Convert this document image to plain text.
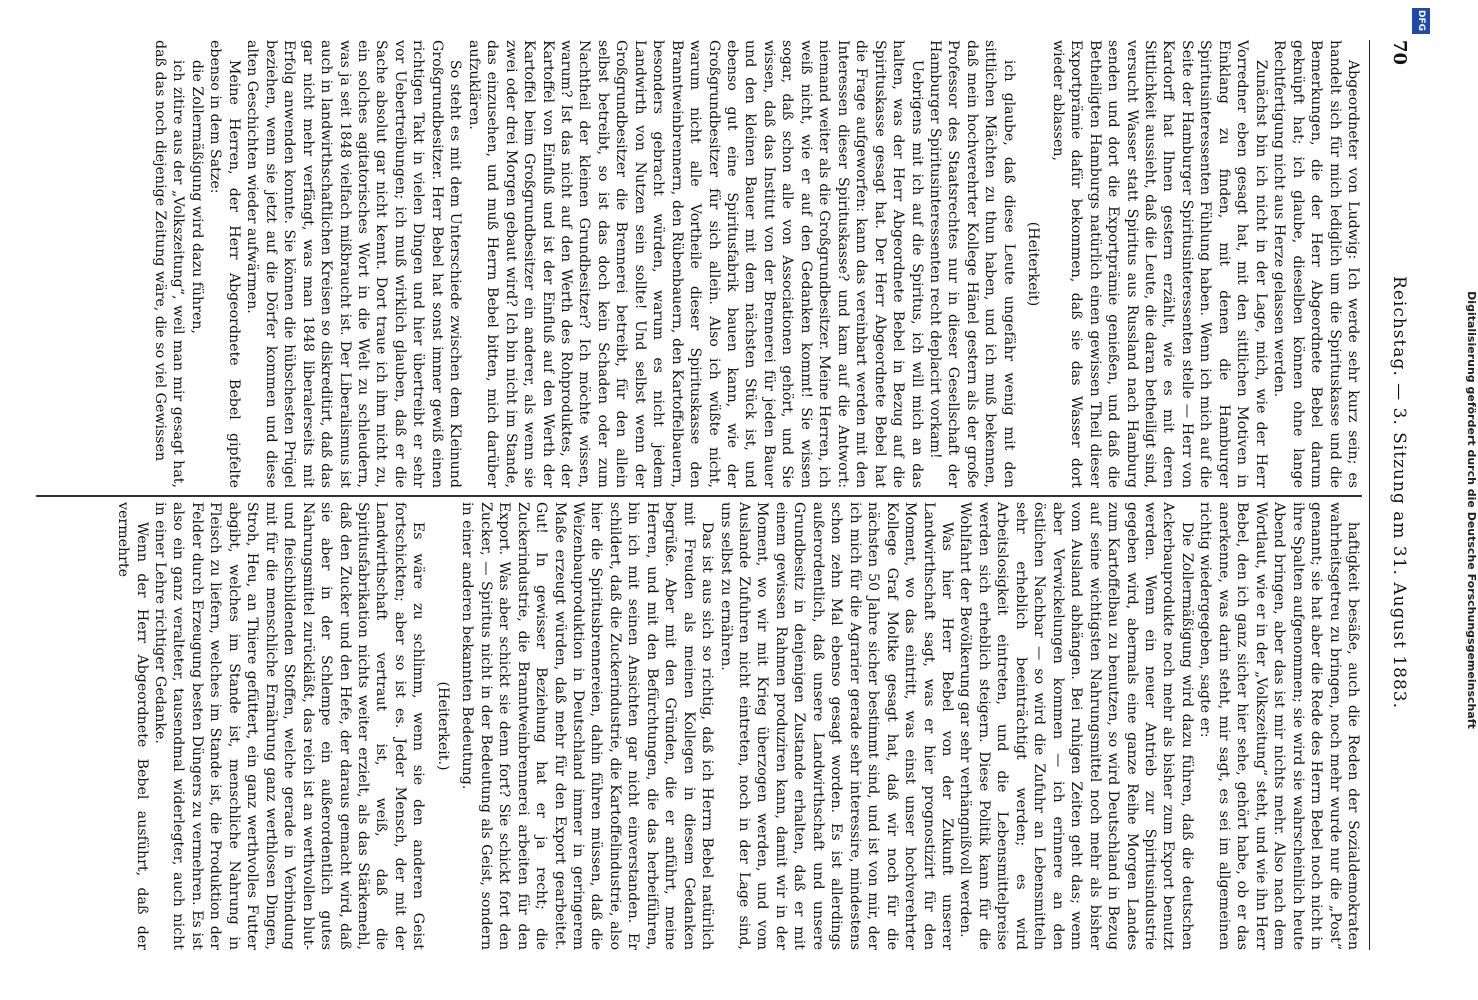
70
Reichstag. — 3. Sitzung am 31. August 1883.

Abgeordneter von Ludwig: Ich werde sehr kurz sein; es handelt sich für mich lediglich um die Spirituskasse und die Bemerkungen, die der Herr Abgeordnete Bebel darum geknüpft hat; ich glaube, dieselben können ohne lange Rechtfertigung nicht aus Herze gelassen werden.

Zunächst bin ich nicht in der Lage, mich, wie der Herr Vorredner eben gesagt hat, mit den sittlichen Motiven in Einklang zu finden, mit denen die Hamburger Spiritusinteressenten Fühlung haben. Wenn ich mich auf die Seite der Hamburger Spiritusinteressenten stelle — Herr von Kardorff hat Ihnen gestern erzählt, wie es mit deren Sittlichkeit aussieht, daß die Leute, die daran betheiligt sind, versucht Wasser statt Spiritus aus Russland nach Hamburg senden und dort die Exportprämie genießen, und daß die Betheiligten Hamburgs natürlich einen gewissen Theil dieser Exportprämie dafür bekommen, daß sie das Wasser dort wieder ablassen,

(Heiterkeit)

ich glaube, daß diese Leute ungefähr wenig mit den sittlichen Mächten zu thun haben, und ich muß bekennen, daß mein hochverehrter Kollege Hänel gestern als der große Professor des Staatsrechtes nur in dieser Gesellschaft der Hamburger Spiritusinteressenten recht deplacirt vorkam!

Uebrigens mit ich auf die Spiritus, ich will mich an das halten, was der Herr Abgeordnete Bebel in Bezug auf die Spirituskasse gesagt hat. Der Herr Abgeordnete Bebel hat die Frage aufgeworfen: kann das vereinbart werden mit den Interessen dieser Spirituskasse? und kam auf die Antwort: niemand weiter als die Großgrundbesitzer. Meine Herren, ich weiß nicht, wie er auf den Gedanken kommt! Sie wissen sogar, daß schon alle von Associationen gehört, und Sie wissen, daß das Institut von der Brennerei für jeden Bauer und den kleinen Bauer mit dem nächsten Stück ist, und ebenso gut eine Spiritusfabrik bauen kann, wie der Großgrundbesitzer für sich allein. Also ich wüßte nicht, warum nicht alle Vortheile dieser Spirituskasse den Branntweinbrennern, den Rübenbauern, den Kartoffelbauern, besonders gebracht würden, warum es nicht jedem Landwirth von Nutzen sein sollte! Und selbst wenn der Großgrundbesitzer die Brennerei betreibt, für den allein selbst betreibt, so ist das doch kein Schaden oder zum Nachtheil der kleinen Grundbesitzer? Ich möchte wissen, warum? Ist das nicht auf den Werth des Rohproduktes, der Kartoffel von Einfluß und ist der Einfluß auf den Werth der Kartoffel beim Großgrundbesitzer ein anderer, als wenn sie zwei oder drei Morgen gebaut wird? Ich bin nicht im Stande, das einzusehen, und muß Herrn Bebel bitten, mich darüber aufzuklären.

So steht es mit dem Unterschiede zwischen dem Kleinund Großgrundbesitzer. Herr Bebel hat sonst immer gewiß einen richtigen Takt in vielen Dingen und hier übertreibt er sehr vor Uebertreibungen; ich muß wirklich glauben, daß er die Sache absolut gar nicht kennt. Dort traue ich ihm nicht zu, ein solches agitatorisches Wort in die Welt zu schleudern, was ja seit 1848 vielfach mißbraucht ist. Der Liberalismus ist auch in landwirthschaftlichen Kreisen so diskreditirt, daß das gar nicht mehr verfängt, was man 1848 liberalerseits mit Erfolg anwenden konnte. Sie können die hübschesten Prügel beziehen, wenn sie jetzt auf die Dörfer kommen und diese alten Geschichten wieder aufwärmen.

Meine Herren, der Herr Abgeordnete Bebel gipfelte ebenso in dem Satze:

die Zollermäßigung wird dazu führen,

ich zitire aus der „Volkszeitung“, weil man mir gesagt hat, daß das noch diejenige Zeitung wäre, die so viel Gewissen

haftigkeit besäße, auch die Reden der Sozialdemokraten wahrheitsgetreu zu bringen, noch mehr wurde nur die „Post“ genannt; sie hat aber die Rede des Herrn Bebel noch nicht in ihre Spalten aufgenommen; sie wird sie wahrscheinlich heute Abend bringen, aber das ist mir nichts mehr. Also nach dem Wortlaut, wie er in der „Volkszeitung“ steht, und wie ihn Herr Bebel, den ich ganz sicher hier sehe, gehört habe, ob er das anerkenne, was darin steht, mir sagt, es sei im allgemeinen richtig wiedergegeben, sagte er:

Die Zollermäßigung wird dazu führen, daß die deutschen Ackerbauprodukte noch mehr als bisher zum Export benutzt werden. Wenn ein neuer Antrieb zur Spiritusindustrie gegeben wird, abermals eine ganze Reihe Morgen Landes zum Kartoffelbau zu benutzen, so wird Deutschland in Bezug auf seine wichtigsten Nahrungsmittel noch mehr als bisher vom Ausland abhängen. Bei ruhigen Zeiten geht das; wenn aber Verwickelungen kommen — ich erinnere an den östlichen Nachbar — so wird die Zufuhr an Lebensmitteln sehr erheblich beeinträchtigt werden; es wird Arbeitslosigkeit eintreten, und die Lebensmittelpreise werden sich erheblich steigern. Diese Politik kann für die Wohlfahrt der Bevölkerung gar sehr verhängnißvoll werden.

Was hier Herr Bebel von der Zukunft unserer Landwirthschaft sagt, was er hier prognostizirt für den Moment, wo das eintritt, was einst unser hochverehrter Kollege Graf Moltke gesagt hat, daß wir noch für die nächsten 50 Jahre sicher bestimmt sind, und ist von mir, der ich mich für die Agrarier gerade sehr interessire, mindestens schon zehn Mal ebenso gesagt worden. Es ist allerdings außerordentlich, daß unsere Landwirthschaft und unsere Grundbesitz in denjenigen Zustande erhalten, daß er mit einem gewissen Rahmen produziren kann, damit wir in der Moment, wo wir mit Krieg überzogen werden, und vom Auslande Zufuhren nicht eintreten, noch in der Lage sind, uns selbst zu ernähren.

Das ist aus sich so richtig, daß ich Herrn Bebel natürlich mit Freuden als meinen Kollegen in diesem Gedanken begrüße. Aber mit den Gründen, die er anführt, meine Herren, und mit den Befürchtungen, die das herbeiführen, bin ich mit seinen Ansichten gar nicht einverstanden. Er schildert, daß die Zuckerindustrie, die Kartoffelindustrie, also hier die Spiritusbrennereien, dahin führen müssen, daß die Weizenbauproduktion in Deutschland immer in geringerem Maße erzeugt würden, daß mehr für den Export gearbeitet. Gut! In gewisser Beziehung hat er ja recht; die Zuckerindustrie, die Branntweinbrennerei arbeiten für den Export. Was aber schickt sie denn fort? Sie schickt fort den Zucker, — Spiritus nicht in der Bedeutung als Geist, sondern in einer anderen bekannten Bedeutung.

(Heiterkeit.)

Es wäre zu schlimm, wenn sie den anderen Geist fortschickten; aber so ist es. Jeder Mensch, der mit der Landwirthschaft vertraut ist, weiß, daß die Spiritusfabrikation nichts weiter erzielt, als das Stärkemehl, daß den Zucker und den Hefe, der daraus gemacht wird, daß sie aber in der Schlempe ein außerordentlich gutes Nahrungsmittel zurückläßt, das reich ist an werthvollen blut- und fleischbildenden Stoffen, welche gerade in Verbindung mit für die menschliche Ernährung ganz werthlosen Dingen, Stroh, Heu, an Thiere gefüttert, ein ganz werthvolles Futter abgibt, welches im Stande ist, menschliche Nahrung in Fleisch zu liefern, welches im Stande ist, die Produktion der Felder durch Erzeugung besten Düngers zu vermehren. Es ist also ein ganz veralteter, tausendmal widerlegter, auch nicht in einer Lehre richtiger Gedanke.

Wenn der Herr Abgeordnete Bebel ausführt, daß der vermehrte

DFG
Digitalisierung gefördert durch die Deutsche Forschungsgemeinschaft
